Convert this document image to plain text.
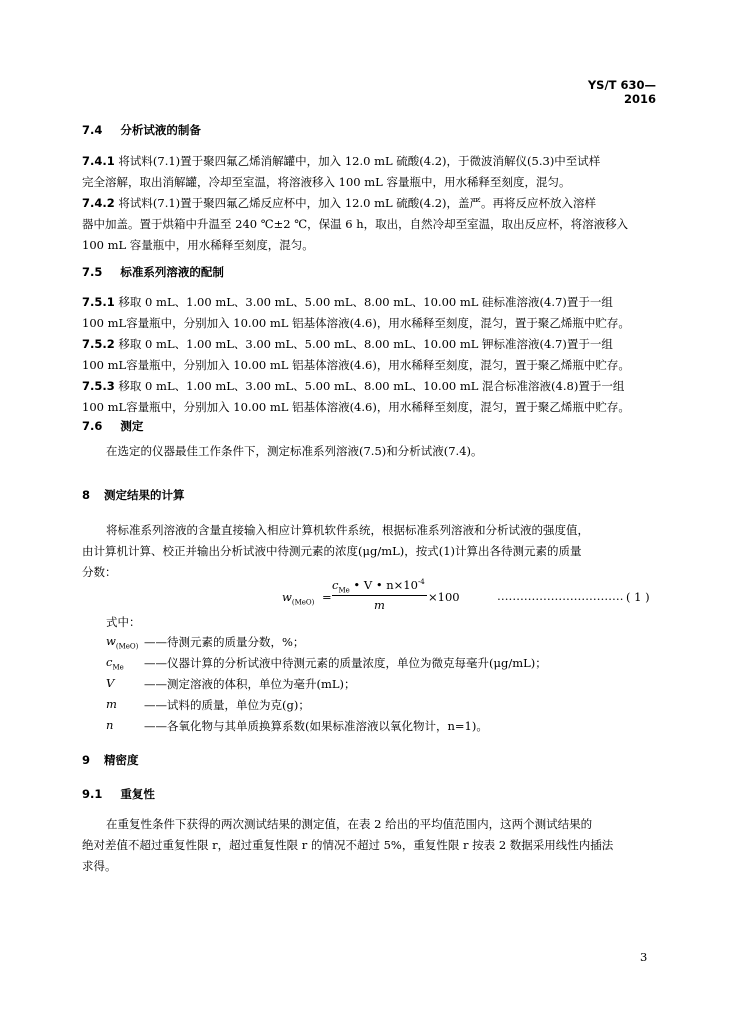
YS/T 630—2016
7.4 分析试液的制备
7.4.1 将试料(7.1)置于聚四氟乙烯消解罐中，加入 12.0 mL 硫酸(4.2)，于微波消解仪(5.3)中至试样
完全溶解，取出消解罐，冷却至室温，将溶液移入 100 mL 容量瓶中，用水稀释至刻度，混匀。
7.4.2 将试料(7.1)置于聚四氟乙烯反应杯中，加入 12.0 mL 硫酸(4.2)，盖严。再将反应杯放入溶样
器中加盖。置于烘箱中升温至 240 ℃±2 ℃，保温 6 h，取出，自然冷却至室温，取出反应杯，将溶液移入
100 mL 容量瓶中，用水稀释至刻度，混匀。
7.5 标准系列溶液的配制
7.5.1 移取 0 mL、1.00 mL、3.00 mL、5.00 mL、8.00 mL、10.00 mL 硅标准溶液(4.7)置于一组
100 mL容量瓶中，分别加入 10.00 mL 铝基体溶液(4.6)，用水稀释至刻度，混匀，置于聚乙烯瓶中贮存。
7.5.2 移取 0 mL、1.00 mL、3.00 mL、5.00 mL、8.00 mL、10.00 mL 钾标准溶液(4.7)置于一组
100 mL容量瓶中，分别加入 10.00 mL 铝基体溶液(4.6)，用水稀释至刻度，混匀，置于聚乙烯瓶中贮存。
7.5.3 移取 0 mL、1.00 mL、3.00 mL、5.00 mL、8.00 mL、10.00 mL 混合标准溶液(4.8)置于一组
100 mL容量瓶中，分别加入 10.00 mL 铝基体溶液(4.6)，用水稀释至刻度，混匀，置于聚乙烯瓶中贮存。
7.6 测定
在选定的仪器最佳工作条件下，测定标准系列溶液(7.5)和分析试液(7.4)。
8 测定结果的计算
将标准系列溶液的含量直接输入相应计算机软件系统，根据标准系列溶液和分析试液的强度值，
由计算机计算、校正并输出分析试液中待测元素的浓度(μg/mL)，按式(1)计算出各待测元素的质量
分数：
$w_{(MeO)}$ =
$c_{Me}$ • V • $n\times 10^{-4}$
m
×100	…………………………… ( 1 )
式中：
$w_{(MeO)}$ ——待测元素的质量分数，%；
$c_{Me}$ ——仪器计算的分析试液中待测元素的质量浓度，单位为微克每毫升(μg/mL)；
V	——测定溶液的体积，单位为毫升(mL)；
m ——试料的质量，单位为克(g)；
n	——各氧化物与其单质换算系数(如果标准溶液以氧化物计，n=1)。
9 精密度
9.1 重复性
在重复性条件下获得的两次测试结果的测定值，在表 2 给出的平均值范围内，这两个测试结果的
绝对差值不超过重复性限 r，超过重复性限 r 的情况不超过 5%，重复性限 r 按表 2 数据采用线性内插法
求得。
3
